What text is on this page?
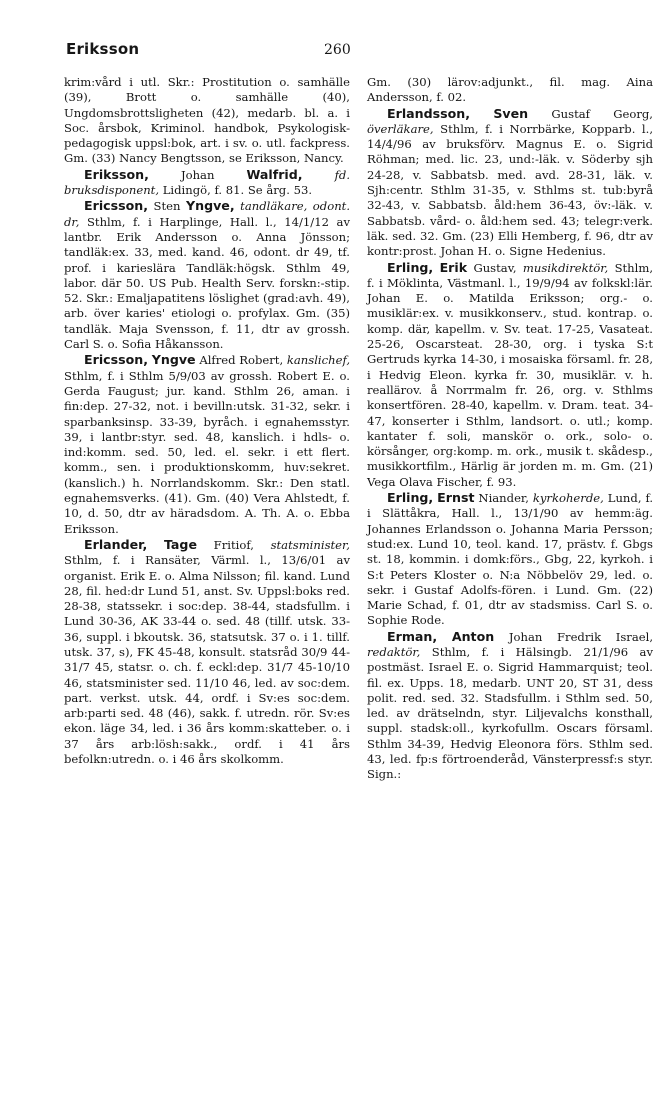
Eriksson	260

krim:vård i utl. Skr.: Prostitution o. samhälle (39), Brott o. samhälle (40), Ungdomsbrottsligheten (42), medarb. bl. a. i Soc. årsbok, Kriminol. handbok, Psykologisk-pedagogisk uppsl:bok, art. i sv. o. utl. fackpress. Gm. (33) Nancy Bengtsson, se Eriksson, Nancy.

Eriksson,	Johan	Walfrid,	fd. bruksdisponent, Lidingö, f. 81. Se årg. 53.

Ericsson, Sten Yngve, tandläkare, odont. dr, Sthlm, f. i Harplinge, Hall. l., 14/1/12 av lantbr. Erik Andersson o. Anna Jönsson; tandläk:ex. 33, med. kand. 46, odont. dr 49, tf. prof. i karieslära Tandläk:högsk. Sthlm 49, labor. där 50. US Pub. Health Serv. forskn:-stip. 52. Skr.: Emaljapatitens löslighet (grad:avh. 49), arb. över karies' etiologi o. profylax. Gm. (35) tandläk. Maja Svensson, f. 11, dtr av grossh. Carl S. o. Sofia Håkansson.

Ericsson, Yngve Alfred Robert, kanslichef, Sthlm, f. i Sthlm 5/9/03 av grossh. Robert E. o. Gerda Faugust; jur. kand. Sthlm 26, aman. i fin:dep. 27-32, not. i bevilln:utsk. 31-32, sekr. i sparbanksinsp. 33-39, byråch. i egnahemsstyr. 39, i lantbr:styr. sed. 48, kanslich. i hdls- o. ind:komm. sed. 50, led. el. sekr. i ett flert. komm., sen. i produktionskomm, huv:sekret. (kanslich.) h. Norrlandskomm. Skr.: Den statl. egnahemsverks. (41). Gm. (40) Vera Ahlstedt, f. 10, d. 50, dtr av häradsdom. A. Th. A. o. Ebba Eriksson.

Erlander, Tage Fritiof, statsminister, Sthlm, f. i Ransäter, Värml. l., 13/6/01 av organist. Erik E. o. Alma Nilsson; fil. kand. Lund 28, fil. hed:dr Lund 51, anst. Sv. Uppsl:boks red. 28-38, statssekr. i soc:dep. 38-44, stadsfullm. i Lund 30-36, AK 33-44 o. sed. 48 (tillf. utsk. 33-36, suppl. i bkoutsk. 36, statsutsk. 37 o. i 1. tillf. utsk. 37, s), FK 45-48, konsult. statsråd 30/9 44-31/7 45, statsr. o. ch. f. eckl:dep. 31/7 45-10/10 46, statsminister sed. 11/10 46, led. av soc:dem. part. verkst. utsk. 44, ordf. i Sv:es soc:dem. arb:parti sed. 48 (46), sakk. f. utredn. rör. Sv:es ekon. läge 34, led. i 36 års komm:skatteber. o. i 37 års arb:lösh:sakk., ordf. i 41 års befolkn:utredn. o. i 46 års skolkomm.

Gm. (30) lärov:adjunkt., fil. mag. Aina Andersson, f. 02.

Erlandsson, Sven Gustaf Georg, överläkare, Sthlm, f. i Norrbärke, Kopparb. l., 14/4/96 av bruksförv. Magnus E. o. Sigrid Röhman; med. lic. 23, und:-läk. v. Söderby sjh 24-28, v. Sabbatsb. med. avd. 28-31, läk. v. Sjh:centr. Sthlm 31-35, v. Sthlms st. tub:byrå 32-43, v. Sabbatsb. åld:hem 36-43, öv:-läk. v. Sabbatsb. vård- o. åld:hem sed. 43; telegr:verk. läk. sed. 32. Gm. (23) Elli Hemberg, f. 96, dtr av kontr:prost. Johan H. o. Signe Hedenius.

Erling, Erik Gustav, musikdirektör, Sthlm, f. i Möklinta, Västmanl. l., 19/9/94 av folkskl:lär. Johan E. o. Matilda Eriksson; org.- o. musiklär:ex. v. musikkonserv., stud. kontrap. o. komp. där, kapellm. v. Sv. teat. 17-25, Vasateat. 25-26, Oscarsteat. 28-30, org. i tyska S:t Gertruds kyrka 14-30, i mosaiska församl. fr. 28, i Hedvig Eleon. kyrka fr. 30, musiklär. v. h. reallärov. å Norrmalm fr. 26, org. v. Sthlms konsertfören. 28-40, kapellm. v. Dram. teat. 34-47, konserter i Sthlm, landsort. o. utl.; komp. kantater f. soli, manskör o. ork., solo- o. körsånger, org:komp. m. ork., musik t. skådesp., musikkortfilm., Härlig är jorden m. m. Gm. (21) Vega Olava Fischer, f. 93.

Erling, Ernst Niander, kyrkoherde, Lund, f. i Slättåkra, Hall. l., 13/1/90 av hemm:äg. Johannes Erlandsson o. Johanna Maria Persson; stud:ex. Lund 10, teol. kand. 17, prästv. f. Gbgs st. 18, kommin. i domk:förs., Gbg, 22, kyrkoh. i S:t Peters Kloster o. N:a Nöbbelöv 29, led. o. sekr. i Gustaf Adolfs-fören. i Lund. Gm. (22) Marie Schad, f. 01, dtr av stadsmiss. Carl S. o. Sophie Rode.

Erman, Anton Johan Fredrik Israel, redaktör, Sthlm, f. i Hälsingb. 21/1/96 av postmäst. Israel E. o. Sigrid Hammarquist; teol. fil. ex. Upps. 18, medarb. UNT 20, ST 31, dess polit. red. sed. 32. Stadsfullm. i Sthlm sed. 50, led. av drätselndn, styr. Liljevalchs konsthall, suppl. stadsk:oll., kyrkofullm. Oscars församl. Sthlm 34-39, Hedvig Eleonora förs. Sthlm sed. 43, led. fp:s förtroenderåd, Vänsterpressf:s styr. Sign.:
